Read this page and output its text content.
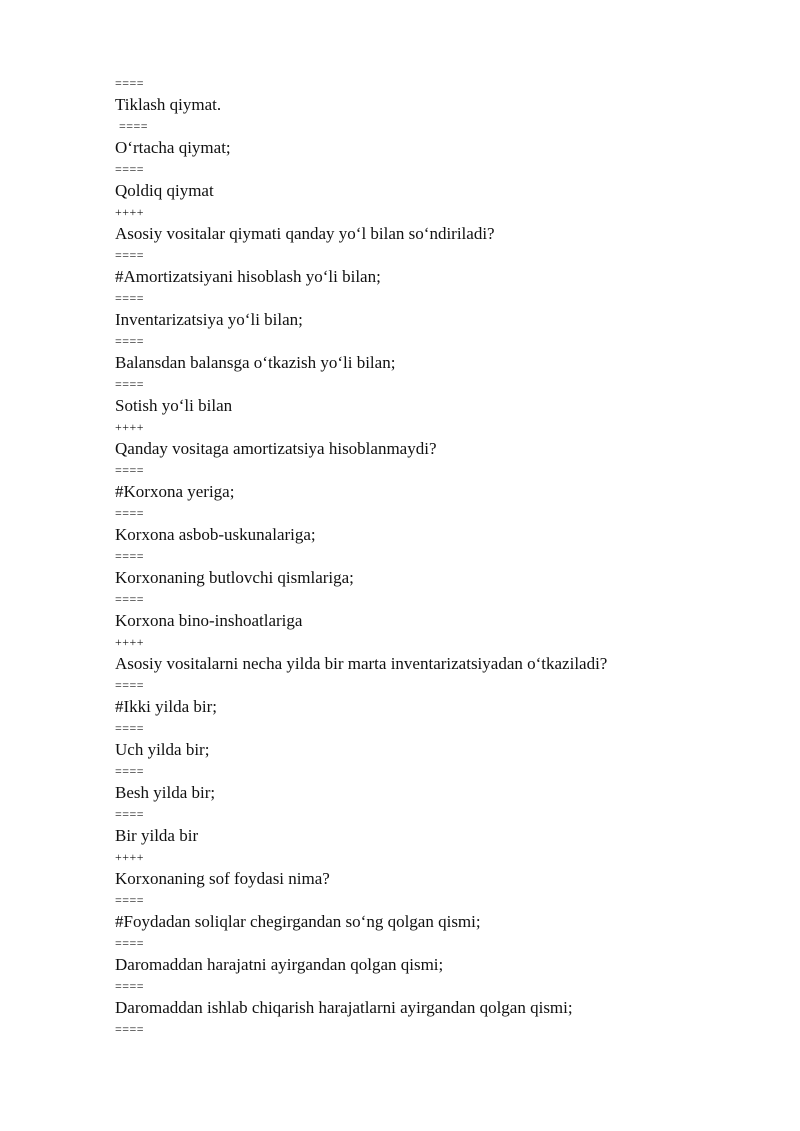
====
Tiklash qiymat.
====
O‘rtacha qiymat;
====
Qoldiq qiymat
++++
Asosiy vositalar qiymati qanday yo‘l bilan so‘ndiriladi?
====
#Amortizatsiyani hisoblash yo‘li bilan;
====
Inventarizatsiya yo‘li bilan;
====
Balansdan balansga o‘tkazish yo‘li bilan;
====
Sotish yo‘li bilan
++++
Qanday vositaga amortizatsiya hisoblanmaydi?
====
#Korxona yeriga;
====
Korxona asbob-uskunalariga;
====
Korxonaning butlovchi qismlariga;
====
Korxona bino-inshoatlariga
++++
Asosiy vositalarni necha yilda bir marta inventarizatsiyadan o‘tkaziladi?
====
#Ikki yilda bir;
====
Uch yilda bir;
====
Besh yilda bir;
====
Bir yilda bir
++++
Korxonaning sof foydasi nima?
====
#Foydadan soliqlar chegirgandan so‘ng qolgan qismi;
====
Daromaddan harajatni ayirgandan qolgan qismi;
====
Daromaddan ishlab chiqarish harajatlarni ayirgandan qolgan qismi;
====
